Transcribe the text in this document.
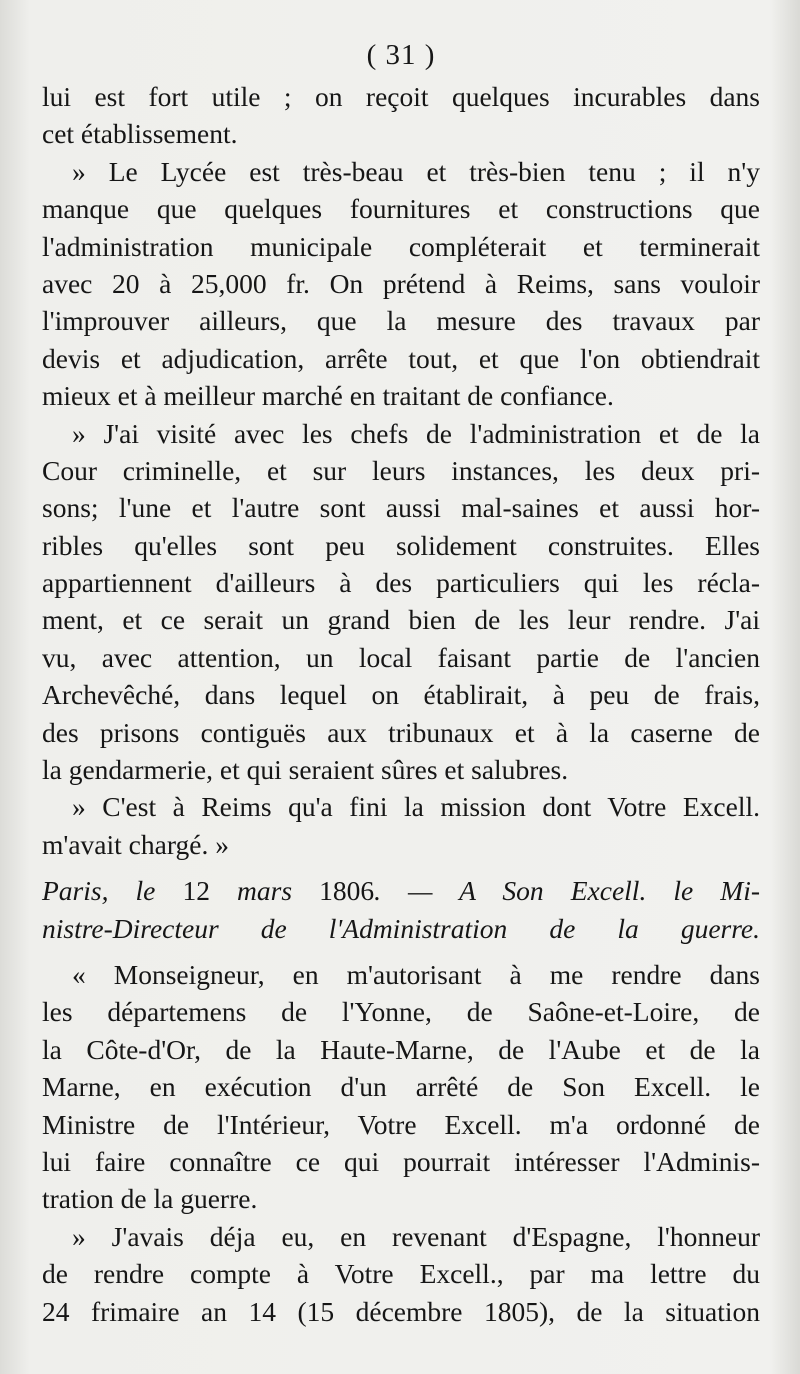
( 31 )
lui est fort utile ; on reçoit quelques incurables dans
cet établissement.
» Le Lycée est très-beau et très-bien tenu ; il n'y
manque que quelques fournitures et constructions que
l'administration municipale compléterait et terminerait
avec 20 à 25,000 fr. On prétend à Reims, sans vouloir
l'improuver ailleurs, que la mesure des travaux par
devis et adjudication, arrête tout, et que l'on obtiendrait
mieux et à meilleur marché en traitant de confiance.
» J'ai visité avec les chefs de l'administration et de la
Cour criminelle, et sur leurs instances, les deux pri-
sons; l'une et l'autre sont aussi mal-saines et aussi hor-
ribles qu'elles sont peu solidement construites. Elles
appartiennent d'ailleurs à des particuliers qui les récla-
ment, et ce serait un grand bien de les leur rendre. J'ai
vu, avec attention, un local faisant partie de l'ancien
Archevêché, dans lequel on établirait, à peu de frais,
des prisons contiguës aux tribunaux et à la caserne de
la gendarmerie, et qui seraient sûres et salubres.
» C'est à Reims qu'a fini la mission dont Votre Excell.
m'avait chargé. »
Paris, le 12 mars 1806. — A Son Excell. le Mi-
nistre-Directeur de l'Administration de la guerre.
« Monseigneur, en m'autorisant à me rendre dans
les départemens de l'Yonne, de Saône-et-Loire, de
la Côte-d'Or, de la Haute-Marne, de l'Aube et de la
Marne, en exécution d'un arrêté de Son Excell. le
Ministre de l'Intérieur, Votre Excell. m'a ordonné de
lui faire connaître ce qui pourrait intéresser l'Adminis-
tration de la guerre.
» J'avais déja eu, en revenant d'Espagne, l'honneur
de rendre compte à Votre Excell., par ma lettre du
24 frimaire an 14 (15 décembre 1805), de la situation
